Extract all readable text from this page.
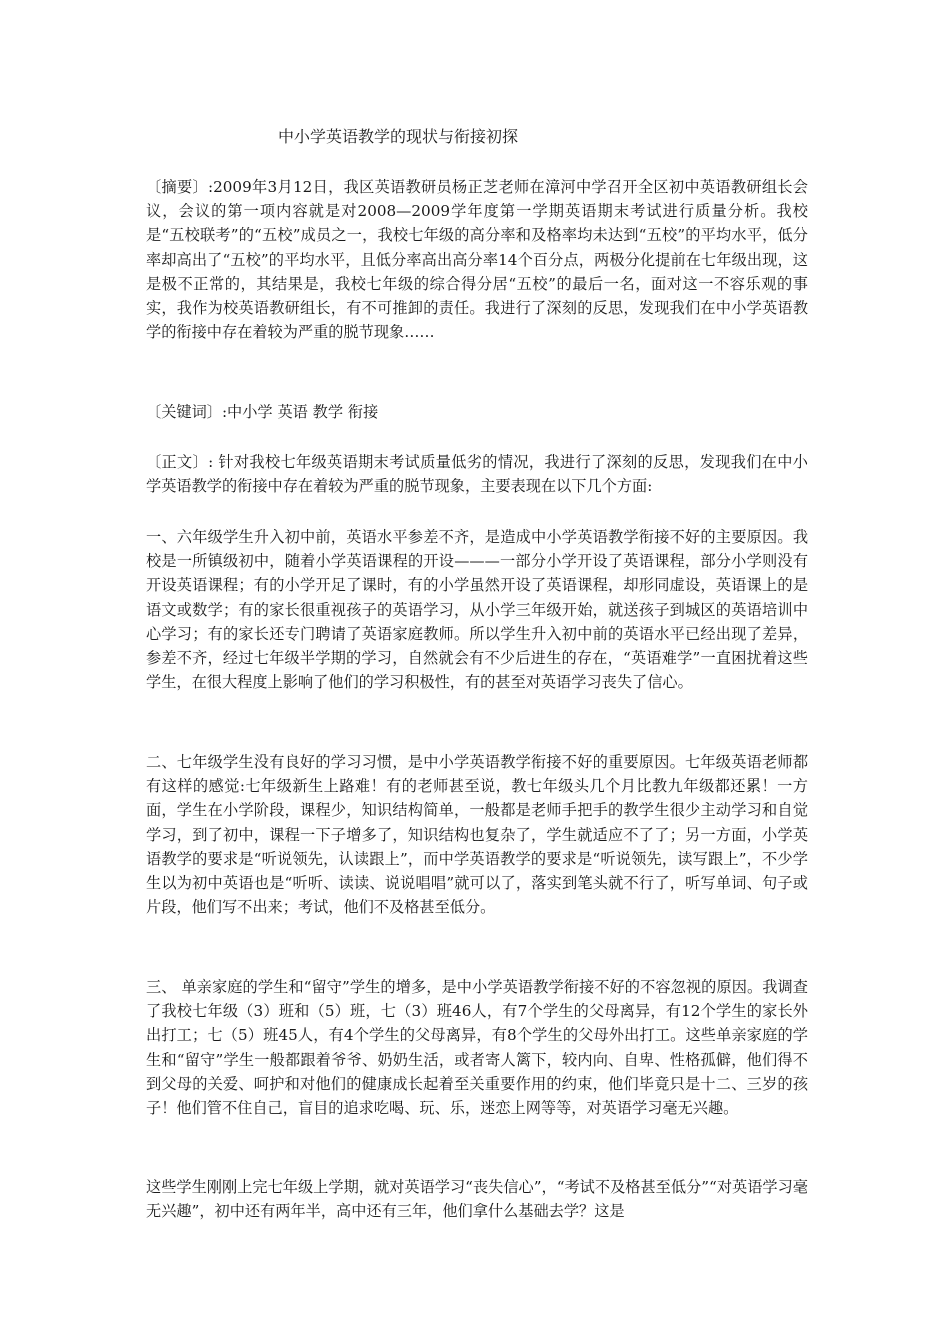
中小学英语教学的现状与衔接初探

〔摘要〕:2009年3月12日，我区英语教研员杨正芝老师在漳河中学召开全区初中英语教研组长会议，会议的第一项内容就是对2008—2009学年度第一学期英语期末考试进行质量分析。我校是“五校联考”的“五校”成员之一，我校七年级的高分率和及格率均未达到“五校”的平均水平，低分率却高出了“五校”的平均水平，且低分率高出高分率14个百分点，两极分化提前在七年级出现，这是极不正常的，其结果是，我校七年级的综合得分居“五校”的最后一名，面对这一不容乐观的事实，我作为校英语教研组长，有不可推卸的责任。我进行了深刻的反思，发现我们在中小学英语教学的衔接中存在着较为严重的脱节现象……

〔关键词〕:中小学 英语 教学 衔接

〔正文〕: 针对我校七年级英语期末考试质量低劣的情况，我进行了深刻的反思，发现我们在中小学英语教学的衔接中存在着较为严重的脱节现象，主要表现在以下几个方面:

一、六年级学生升入初中前，英语水平参差不齐，是造成中小学英语教学衔接不好的主要原因。我校是一所镇级初中，随着小学英语课程的开设———一部分小学开设了英语课程，部分小学则没有开设英语课程；有的小学开足了课时，有的小学虽然开设了英语课程，却形同虚设，英语课上的是语文或数学；有的家长很重视孩子的英语学习，从小学三年级开始，就送孩子到城区的英语培训中心学习；有的家长还专门聘请了英语家庭教师。所以学生升入初中前的英语水平已经出现了差异，参差不齐，经过七年级半学期的学习，自然就会有不少后进生的存在，“英语难学”一直困扰着这些学生，在很大程度上影响了他们的学习积极性，有的甚至对英语学习丧失了信心。

二、七年级学生没有良好的学习习惯，是中小学英语教学衔接不好的重要原因。七年级英语老师都有这样的感觉:七年级新生上路难！有的老师甚至说，教七年级头几个月比教九年级都还累！一方面，学生在小学阶段，课程少，知识结构简单，一般都是老师手把手的教学生很少主动学习和自觉学习，到了初中，课程一下子增多了，知识结构也复杂了，学生就适应不了了；另一方面，小学英语教学的要求是“听说领先，认读跟上”，而中学英语教学的要求是“听说领先，读写跟上”，不少学生以为初中英语也是“听听、读读、说说唱唱”就可以了，落实到笔头就不行了，听写单词、句子或片段，他们写不出来；考试，他们不及格甚至低分。

三、 单亲家庭的学生和“留守”学生的增多，是中小学英语教学衔接不好的不容忽视的原因。我调查了我校七年级（3）班和（5）班，七（3）班46人，有7个学生的父母离异，有12个学生的家长外出打工；七（5）班45人，有4个学生的父母离异，有8个学生的父母外出打工。这些单亲家庭的学生和“留守”学生一般都跟着爷爷、奶奶生活，或者寄人篱下，较内向、自卑、性格孤僻，他们得不到父母的关爱、呵护和对他们的健康成长起着至关重要作用的约束，他们毕竟只是十二、三岁的孩子！他们管不住自己，盲目的追求吃喝、玩、乐，迷恋上网等等，对英语学习毫无兴趣。

这些学生刚刚上完七年级上学期，就对英语学习“丧失信心”，“考试不及格甚至低分”“对英语学习毫无兴趣”，初中还有两年半，高中还有三年，他们拿什么基础去学？这是
